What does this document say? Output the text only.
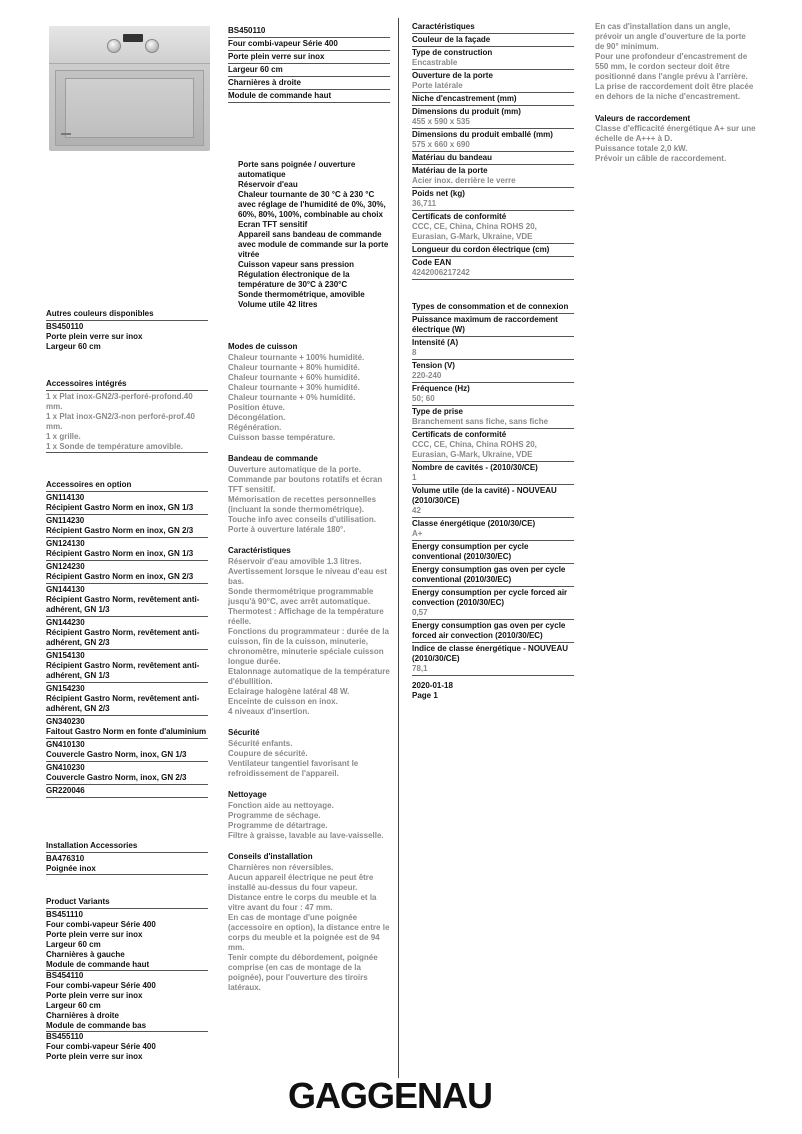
Autres couleurs disponibles
BS450110
Porte plein verre sur inox
Largeur 60 cm
Accessoires intégrés
1 x Plat inox-GN2/3-perforé-profond.40 mm.
1 x Plat inox-GN2/3-non perforé-prof.40 mm.
1 x grille.
1 x Sonde de température amovible.
Accessoires en option
GN114130
Récipient Gastro Norm en inox, GN 1/3
GN114230
Récipient Gastro Norm en inox, GN 2/3
GN124130
Récipient Gastro Norm en inox, GN 1/3
GN124230
Récipient Gastro Norm en inox, GN 2/3
GN144130
Récipient Gastro Norm, revêtement anti-adhérent, GN 1/3
GN144230
Récipient Gastro Norm, revêtement anti-adhérent, GN 2/3
GN154130
Récipient Gastro Norm, revêtement anti-adhérent, GN 1/3
GN154230
Récipient Gastro Norm, revêtement anti-adhérent, GN 2/3
GN340230
Faitout Gastro Norm en fonte d'aluminium
GN410130
Couvercle Gastro Norm, inox, GN 1/3
GN410230
Couvercle Gastro Norm, inox, GN 2/3
GR220046
Installation Accessories
BA476310
Poignée inox
Product Variants
BS451110
Four combi-vapeur Série 400
Porte plein verre sur inox
Largeur 60 cm
Charnières à gauche
Module de commande haut
BS454110
Four combi-vapeur Série 400
Porte plein verre sur inox
Largeur 60 cm
Charnières à droite
Module de commande bas
BS455110
Four combi-vapeur Série 400
Porte plein verre sur inox
BS450110
Four combi-vapeur Série 400
Porte plein verre sur inox
Largeur 60 cm
Charnières à droite
Module de commande haut
Porte sans poignée / ouverture automatique
Réservoir d'eau
Chaleur tournante de 30 °C à 230 °C avec réglage de l'humidité de 0%, 30%, 60%, 80%, 100%, combinable au choix
Ecran TFT sensitif
Appareil sans bandeau de commande avec module de commande sur la porte vitrée
Cuisson vapeur sans pression
Régulation électronique de la température de 30°C à 230°C
Sonde thermométrique, amovible
Volume utile 42 litres
Modes de cuisson
Chaleur tournante + 100% humidité.
Chaleur tournante + 80% humidité.
Chaleur tournante + 60% humidité.
Chaleur tournante + 30% humidité.
Chaleur tournante + 0% humidité.
Position étuve.
Décongélation.
Régénération.
Cuisson basse température.
Bandeau de commande
Ouverture automatique de la porte.
Commande par boutons rotatifs et écran TFT sensitif.
Mémorisation de recettes personnelles (incluant la sonde thermométrique).
Touche info avec conseils d'utilisation.
Porte à ouverture latérale 180°.
Caractéristiques
Réservoir d'eau amovible 1.3 litres.
Avertissement lorsque le niveau d'eau est bas.
Sonde thermométrique programmable jusqu'à 90°C, avec arrêt automatique.
Thermotest : Affichage de la température réelle.
Fonctions du programmateur : durée de la cuisson, fin de la cuisson, minuterie, chronomètre, minuterie spéciale cuisson longue durée.
Etalonnage automatique de la température d'ébullition.
Eclairage halogène latéral 48 W.
Enceinte de cuisson en inox.
4 niveaux d'insertion.
Sécurité
Sécurité enfants.
Coupure de sécurité.
Ventilateur tangentiel favorisant le refroidissement de l'appareil.
Nettoyage
Fonction aide au nettoyage.
Programme de séchage.
Programme de détartrage.
Filtre à graisse, lavable au lave-vaisselle.
Conseils d'installation
Charnières non réversibles.
Aucun appareil électrique ne peut être installé au-dessus du four vapeur.
Distance entre le corps du meuble et la vitre avant du four : 47 mm.
En cas de montage d'une poignée (accessoire en option), la distance entre le corps du meuble et la poignée est de 94 mm.
Tenir compte du débordement, poignée comprise (en cas de montage de la poignée), pour l'ouverture des tiroirs latéraux.
Caractéristiques
Couleur de la façade
Type de construction
Encastrable
Ouverture de la porte
Porte latérale
Niche d'encastrement (mm)
Dimensions du produit (mm)
455 x 590 x 535
Dimensions du produit emballé (mm)
575 x 660 x 690
Matériau du bandeau
Matériau de la porte
Acier inox. derrière le verre
Poids net (kg)
36,711
Certificats de conformité
CCC, CE, China, China ROHS 20, Eurasian, G-Mark, Ukraine, VDE
Longueur du cordon électrique (cm)
Code EAN
4242006217242
Types de consommation et de connexion
Puissance maximum de raccordement électrique (W)
Intensité (A)
8
Tension (V)
220-240
Fréquence (Hz)
50; 60
Type de prise
Branchement sans fiche, sans fiche
Certificats de conformité
CCC, CE, China, China ROHS 20, Eurasian, G-Mark, Ukraine, VDE
Nombre de cavités - (2010/30/CE)
1
Volume utile (de la cavité) - NOUVEAU (2010/30/CE)
42
Classe énergétique (2010/30/CE)
A+
Energy consumption per cycle conventional (2010/30/EC)
Energy consumption gas oven per cycle conventional (2010/30/EC)
Energy consumption per cycle forced air convection (2010/30/EC)
0,57
Energy consumption gas oven per cycle forced air convection (2010/30/EC)
Indice de classe énergétique - NOUVEAU (2010/30/CE)
78,1
2020-01-18
Page 1
En cas d'installation dans un angle, prévoir un angle d'ouverture de la porte de 90° minimum.
Pour une profondeur d'encastrement de 550 mm, le cordon secteur doit être positionné dans l'angle prévu à l'arrière.
La prise de raccordement doit être placée en dehors de la niche d'encastrement.
Valeurs de raccordement
Classe d'efficacité énergétique A+ sur une échelle de A+++ à D.
Puissance totale 2,0 kW.
Prévoir un câble de raccordement.
GAGGENAU
